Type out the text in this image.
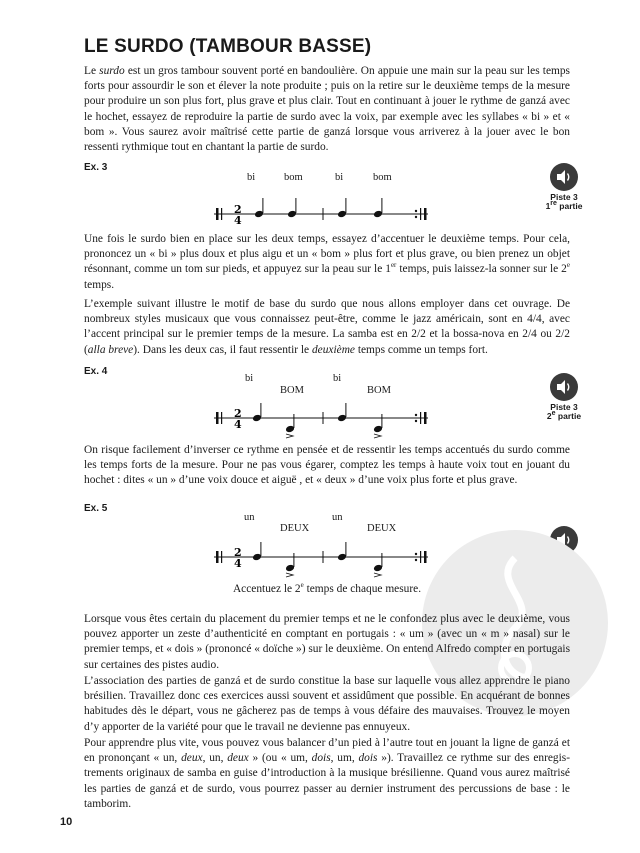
LE SURDO (TAMBOUR BASSE)

Le surdo est un gros tambour souvent porté en bandoulière. On appuie une main sur la peau sur les temps forts pour assourdir le son et élever la note produite ; puis on la retire sur le deuxième temps de la mesure pour produire un son plus fort, plus grave et plus clair. Tout en continuant à jouer le rythme de ganzá avec le hochet, essayez de reproduire la partie de surdo avec la voix, par exemple avec les syllabes « bi » et « bom ». Vous saurez avoir maîtrisé cette partie de ganzá lorsque vous arriverez à la jouer avec le bon ressenti rythmique tout en chantant la partie de surdo.

Ex. 3
bi	bom	bi	bom
2
4
Piste 3
1re partie

Une fois le surdo bien en place sur les deux temps, essayez d’accentuer le deuxième temps. Pour cela, prononcez un « bi » plus doux et plus aigu et un « bom » plus fort et plus grave, ou bien prenez un objet résonnant, comme un tom sur pieds, et appuyez sur la peau sur le 1er temps, puis laissez-la sonner sur le 2e temps.

L’exemple suivant illustre le motif de base du surdo que nous allons employer dans cet ouvrage. De nombreux styles musicaux que vous connaissez peut-être, comme le jazz américain, sont en 4/4, avec l’accent principal sur le premier temps de la mesure. La samba est en 2/2 et la bossa-nova en 2/4 ou 2/2 (alla breve). Dans les deux cas, il faut ressentir le deuxième temps comme un temps fort.

Ex. 4
bi
BOM
bi
BOM
2
4
Piste 3
2e partie

On risque facilement d’inverser ce rythme en pensée et de ressentir les temps accentués du surdo comme les temps forts de la mesure. Pour ne pas vous égarer, comptez les temps à haute voix tout en jouant du hochet : dites « un » d’une voix douce et aiguë , et « deux » d’une voix plus forte et plus grave.

Ex. 5
un
DEUX
un
DEUX
2
4
Accentuez le 2e temps de chaque mesure.

Lorsque vous êtes certain du placement du premier temps et ne le confondez plus avec le deuxième, vous pouvez apporter un zeste d’authenticité en comptant en portugais : « um » (avec un « m » nasal) sur le premier temps, et « dois » (prononcé « doïche ») sur le deuxième. On entend Alfredo compter en portugais sur certaines des pistes audio.

L’association des parties de ganzá et de surdo constitue la base sur laquelle vous allez apprendre le piano brésilien. Travaillez donc ces exercices aussi souvent et assidûment que possible. En acquérant de bonnes habitudes dès le départ, vous ne gâcherez pas de temps à vous défaire des mauvaises. Trouvez le moyen d’y apporter de la variété pour que le travail ne devienne pas ennuyeux.

Pour apprendre plus vite, vous pouvez vous balancer d’un pied à l’autre tout en jouant la ligne de ganzá et en prononçant « un, deux, un, deux » (ou « um, dois, um, dois »). Travaillez ce rythme sur des enregistrements originaux de samba en guise d’introduction à la musique brésilienne. Quand vous aurez maîtrisé les parties de ganzá et de surdo, vous pourrez passer au dernier instrument des percussions de base : le tamborim.

10
